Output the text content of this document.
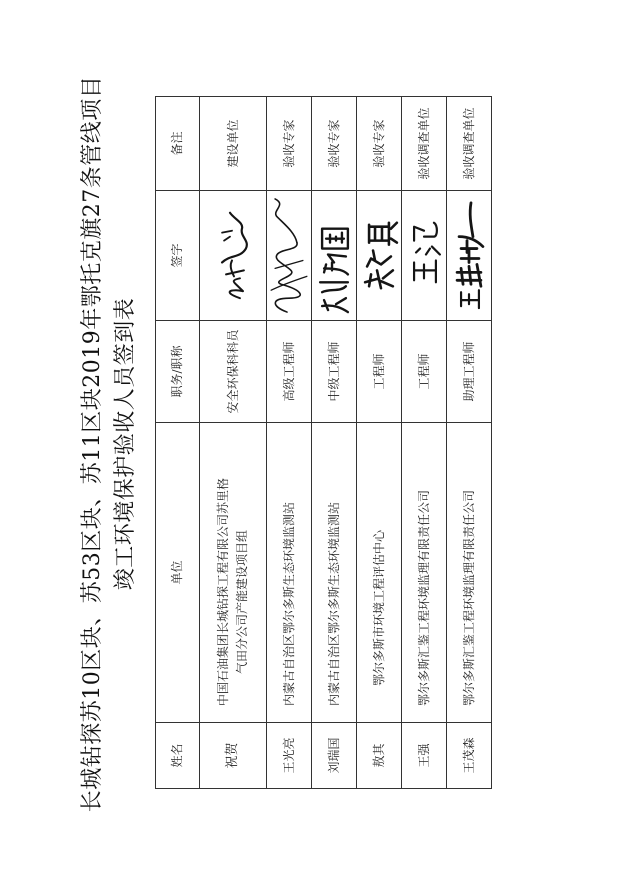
长城钻探苏10区块、苏53区块、苏11区块2019年鄂托克旗27条管线项目 竣工环境保护验收人员签到表
姓名	单位	职务/职称	签字	备注
祝贺	中国石油集团长城钻探工程有限公司苏里格 气田分公司产能建设项目组	安全环保科科员		建设单位
王光亮	内蒙古自治区鄂尔多斯生态环境监测站	高级工程师		验收专家
刘瑞国	内蒙古自治区鄂尔多斯生态环境监测站	中级工程师		验收专家
敖其	鄂尔多斯市环境工程评估中心	工程师		验收专家
王强	鄂尔多斯汇鉴工程环境监理有限责任公司	工程师		验收调查单位
王茂森	鄂尔多斯汇鉴工程环境监理有限责任公司	助理工程师		验收调查单位
